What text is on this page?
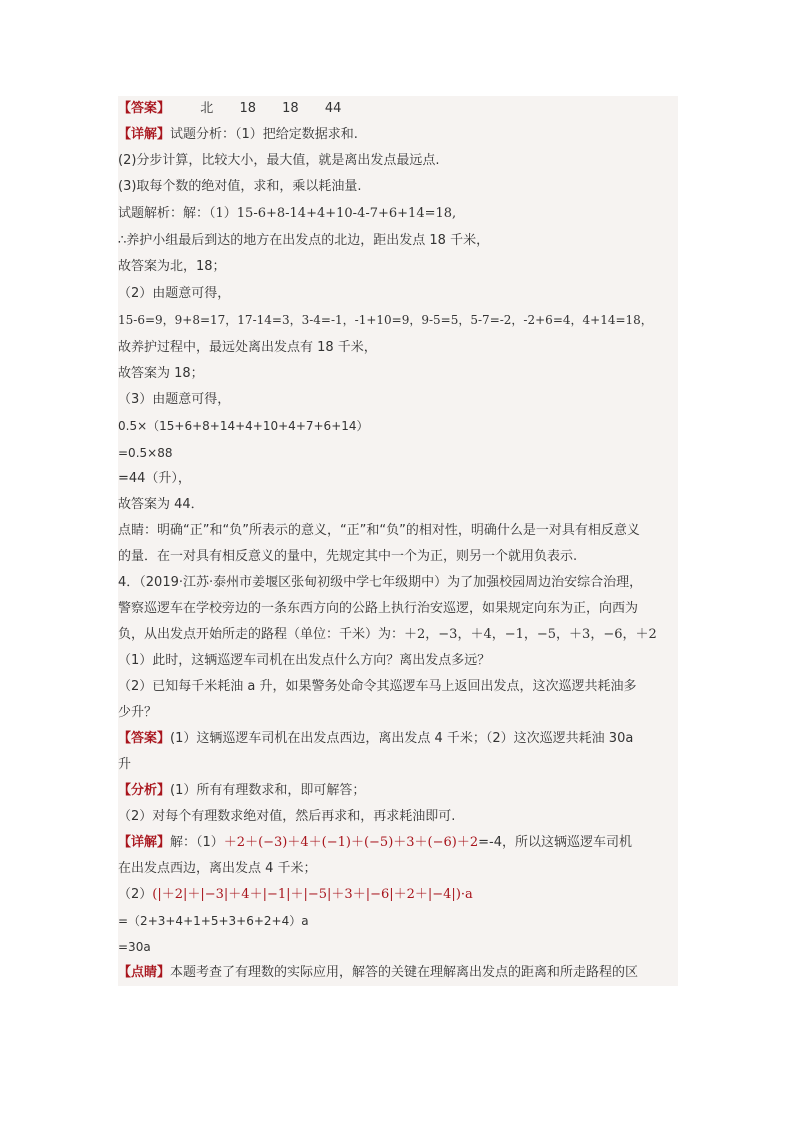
【答案】 北 18 18 44
【详解】试题分析：（1）把给定数据求和.
(2)分步计算，比较大小，最大值，就是离出发点最远点.
(3)取每个数的绝对值，求和，乘以耗油量.
试题解析：解：（1）15-6+8-14+4+10-4-7+6+14=18,
∴养护小组最后到达的地方在出发点的北边，距出发点 18 千米，
故答案为北，18；
（2）由题意可得，
15-6=9，9+8=17，17-14=3，3-4=-1，-1+10=9，9-5=5，5-7=-2，-2+6=4，4+14=18，
故养护过程中，最远处离出发点有 18 千米，
故答案为 18；
（3）由题意可得，
0.5×（15+6+8+14+4+10+4+7+6+14）
=0.5×88
=44（升），
故答案为 44．
点睛：明确“正”和“负”所表示的意义，“正”和“负”的相对性，明确什么是一对具有相反意义
的量．在一对具有相反意义的量中，先规定其中一个为正，则另一个就用负表示.
4．（2019·江苏·泰州市姜堰区张甸初级中学七年级期中）为了加强校园周边治安综合治理，
警察巡逻车在学校旁边的一条东西方向的公路上执行治安巡逻，如果规定向东为正，向西为
负，从出发点开始所走的路程（单位：千米）为：＋2，−3，＋4，−1，−5，＋3，−6，＋2
（1）此时，这辆巡逻车司机在出发点什么方向？离出发点多远？
（2）已知每千米耗油 a 升，如果警务处命令其巡逻车马上返回出发点，这次巡逻共耗油多
少升？
【答案】(1）这辆巡逻车司机在出发点西边，离出发点 4 千米；（2）这次巡逻共耗油 30a
升
【分析】(1）所有有理数求和，即可解答；
（2）对每个有理数求绝对值，然后再求和，再求耗油即可.
【详解】解：（1）＋2＋(−3)＋4＋(−1)＋(−5)＋3＋(−6)＋2=-4，所以这辆巡逻车司机
在出发点西边，离出发点 4 千米；
（2）(|＋2|＋|−3|＋4＋|−1|＋|−5|＋3＋|−6|＋2＋|−4|)·a
=（2+3+4+1+5+3+6+2+4）a
=30a
【点睛】本题考查了有理数的实际应用，解答的关键在理解离出发点的距离和所走路程的区
